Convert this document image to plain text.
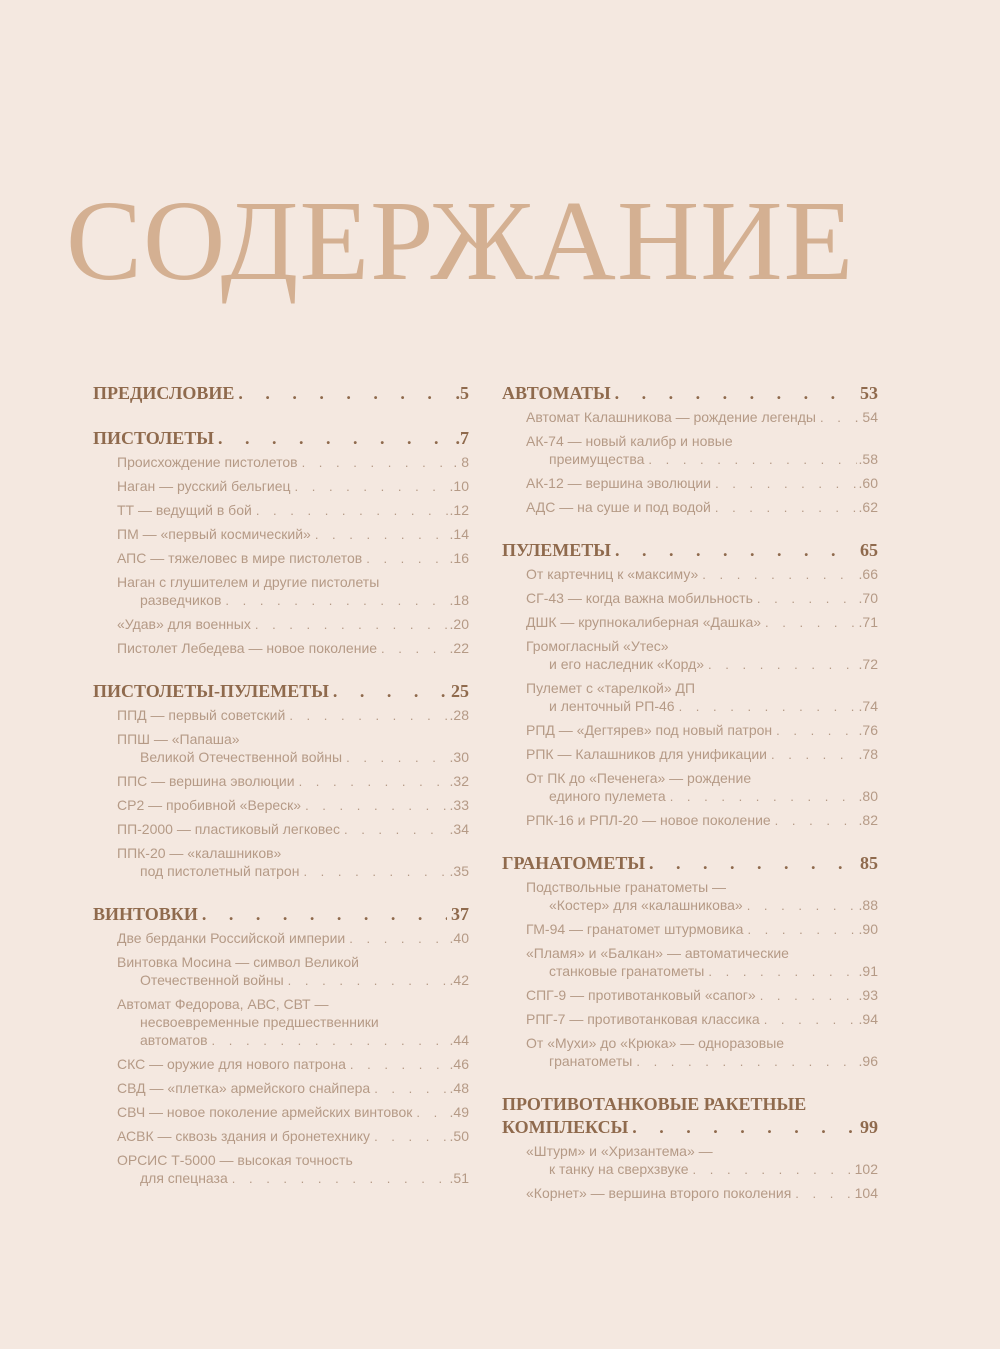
СОДЕРЖАНИЕ
ПРЕДИСЛОВИЕ . . .	.5
ПИСТОЛЕТЫ . . .	.7
Происхождение пистолетов . . .	. 8
Наган — русский бельгиец . . .	.10
ТТ — ведущий в бой . . .	.12
ПМ — «первый космический» . . .	.14
АПС — тяжеловес в мире пистолетов . . .	.16
Наган с глушителем и другие пистолеты
разведчиков . . .	.18
«Удав» для военных . . .	.20
Пистолет Лебедева — новое поколение . . .	.22
ПИСТОЛЕТЫ-ПУЛЕМЕТЫ . . .	25
ППД — первый советский . . .	.28
ППШ — «Папаша»
Великой Отечественной войны . . .	.30
ППС — вершина эволюции . . .	.32
СР2 — пробивной «Вереск» . . .	.33
ПП-2000 — пластиковый легковес . . .	.34
ППК-20 — «калашников»
под пистолетный патрон . . .	.35
ВИНТОВКИ . . .	37
Две берданки Российской империи . . .	.40
Винтовка Мосина — символ Великой
Отечественной войны . . .	.42
Автомат Федорова, АВС, СВТ —
несвоевременные предшественники
автоматов . . .	.44
СКС — оружие для нового патрона . . .	.46
СВД — «плетка» армейского снайпера . . .	.48
СВЧ — новое поколение армейских винтовок . . .	.49
АСВК — сквозь здания и бронетехнику . . .	.50
ОРСИС Т-5000 — высокая точность
для спецназа . . .	.51
АВТОМАТЫ . . .	53
Автомат Калашникова — рождение легенды . . .	. 54
АК-74 — новый калибр и новые
преимущества . . .	.58
АК-12 — вершина эволюции . . .	.60
АДС — на суше и под водой . . .	.62
ПУЛЕМЕТЫ . . .	65
От картечниц к «максиму» . . .	.66
СГ-43 — когда важна мобильность . . .	.70
ДШК — крупнокалиберная «Дашка» . . .	.71
Громогласный «Утес»
и его наследник «Корд» . . .	.72
Пулемет с «тарелкой» ДП
и ленточный РП-46 . . .	.74
РПД — «Дегтярев» под новый патрон . . .	.76
РПК — Калашников для унификации . . .	.78
От ПК до «Печенега» — рождение
единого пулемета . . .	.80
РПК-16 и РПЛ-20 — новое поколение . . .	.82
ГРАНАТОМЕТЫ . . .	85
Подствольные гранатометы —
«Костер» для «калашникова» . . .	.88
ГМ-94 — гранатомет штурмовика . . .	.90
«Пламя» и «Балкан» — автоматические
станковые гранатометы . . .	.91
СПГ-9 — противотанковый «сапог» . . .	.93
РПГ-7 — противотанковая классика . . .	.94
От «Мухи» до «Крюка» — одноразовые
гранатометы . . .	.96
ПРОТИВОТАНКОВЫЕ РАКЕТНЫЕ
КОМПЛЕКСЫ . . .	99
«Штурм» и «Хризантема» —
к танку на сверхзвуке . . .	102
«Корнет» — вершина второго поколения . . .	104
